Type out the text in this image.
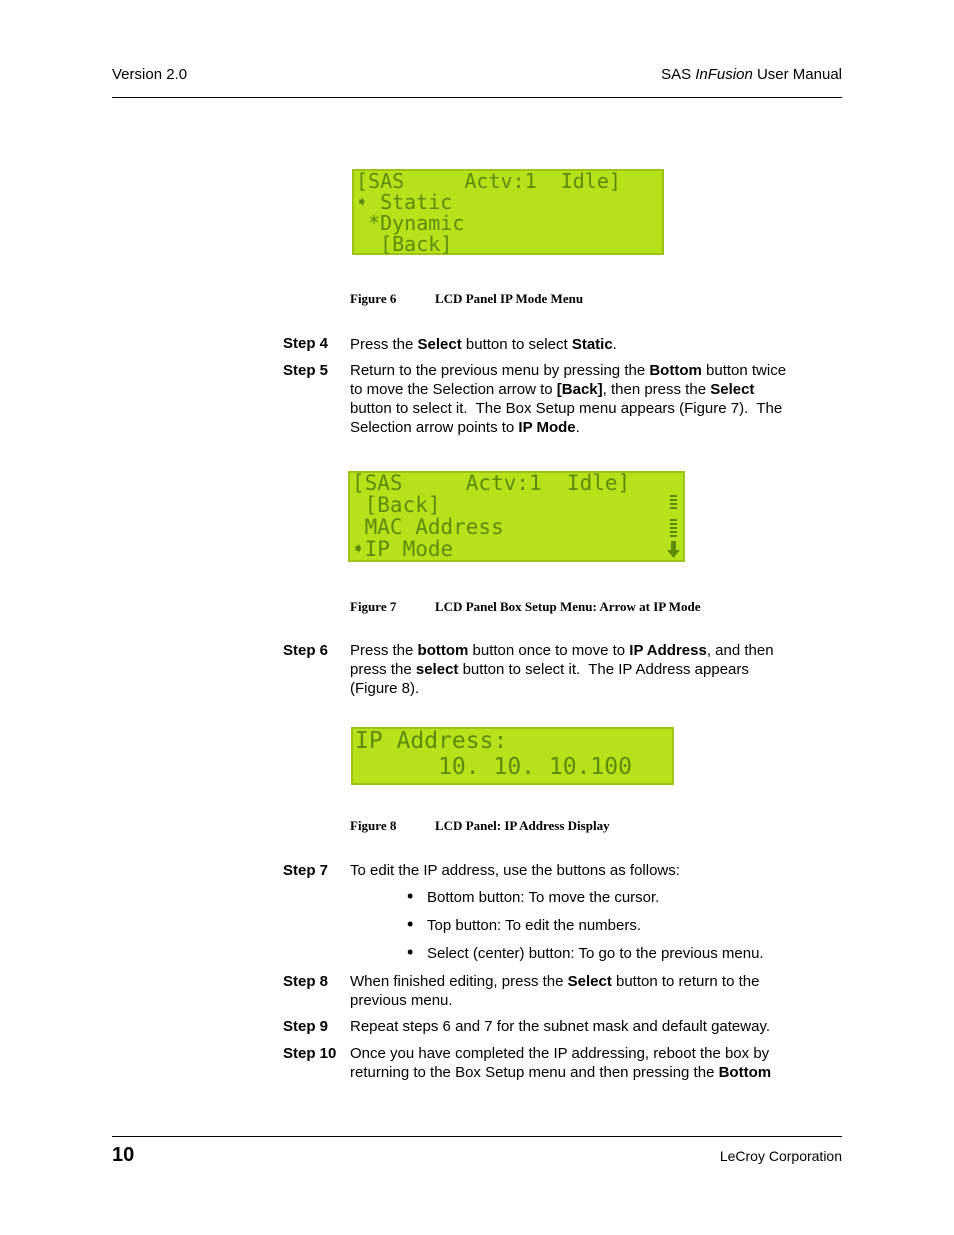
Version 2.0	SAS InFusion User Manual

[SAS     Actv:1  Idle]

➧ Static

*Dynamic

[Back]

Figure 6	LCD Panel IP Mode Menu
Step 4 Press the Select button to select Static.
Step 5 Return to the previous menu by pressing the Bottom button twice to move the Selection arrow to [Back], then press the Select button to select it.  The Box Setup menu appears (Figure 7).  The Selection arrow points to IP Mode.

[SAS     Actv:1  Idle]

[Back]

MAC Address

➧IP Mode

Figure 7	LCD Panel Box Setup Menu: Arrow at IP Mode
Step 6 Press the bottom button once to move to IP Address, and then press the select button to select it.  The IP Address appears (Figure 8).

IP Address:

10. 10. 10.100

Figure 8	LCD Panel: IP Address Display
Step 7 To edit the IP address, use the buttons as follows:
• Bottom button: To move the cursor.
• Top button: To edit the numbers.
• Select (center) button: To go to the previous menu.
Step 8 When finished editing, press the Select button to return to the previous menu.
Step 9 Repeat steps 6 and 7 for the subnet mask and default gateway.
Step 10 Once you have completed the IP addressing, reboot the box by returning to the Box Setup menu and then pressing the Bottom
10	LeCroy Corporation
